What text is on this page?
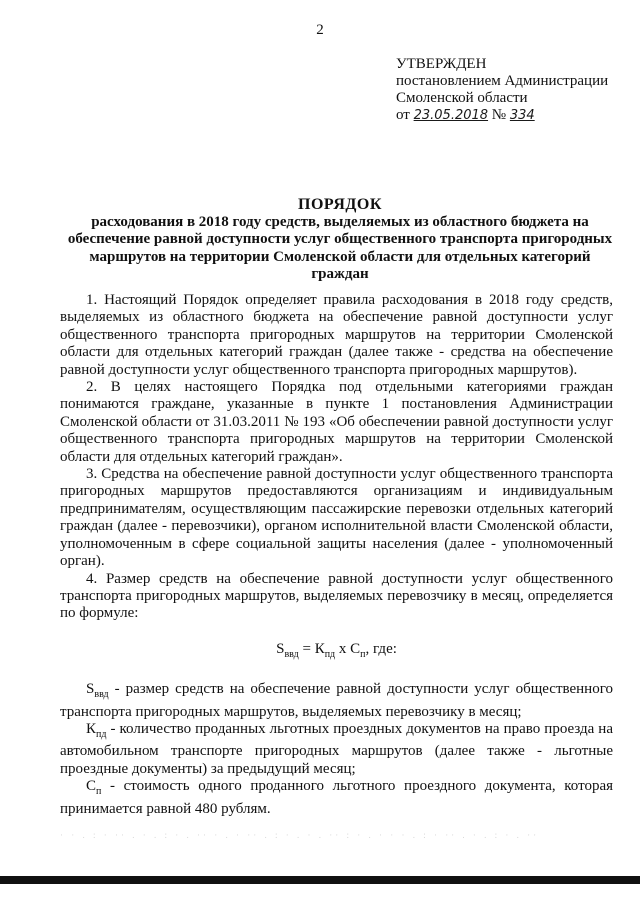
2
УТВЕРЖДЕН
постановлением Администрации
Смоленской области
от 23.05.2018 № 334
ПОРЯДОК
расходования в 2018 году средств, выделяемых из областного бюджета на обеспечение равной доступности услуг общественного транспорта пригородных маршрутов на территории Смоленской области для отдельных категорий граждан

1. Настоящий Порядок определяет правила расходования в 2018 году средств, выделяемых из областного бюджета на обеспечение равной доступности услуг общественного транспорта пригородных маршрутов на территории Смоленской области для отдельных категорий граждан (далее также - средства на обеспечение равной доступности услуг общественного транспорта пригородных маршрутов).

2. В целях настоящего Порядка под отдельными категориями граждан понимаются граждане, указанные в пункте 1 постановления Администрации Смоленской области от 31.03.2011 № 193 «Об обеспечении равной доступности услуг общественного транспорта пригородных маршрутов на территории Смоленской области для отдельных категорий граждан».

3. Средства на обеспечение равной доступности услуг общественного транспорта пригородных маршрутов предоставляются организациям и индивидуальным предпринимателям, осуществляющим пассажирские перевозки отдельных категорий граждан (далее - перевозчики), органом исполнительной власти Смоленской области, уполномоченным в сфере социальной защиты населения (далее - уполномоченный орган).

4. Размер средств на обеспечение равной доступности услуг общественного транспорта пригородных маршрутов, выделяемых перевозчику в месяц, определяется по формуле:

$S_{ввд} = К_{пд}$ x $С_п$, где:

$S_{ввд}$ - размер средств на обеспечение равной доступности услуг общественного транспорта пригородных маршрутов, выделяемых перевозчику в месяц;

$К_{пд}$ - количество проданных льготных проездных документов на право проезда на автомобильном транспорте пригородных маршрутов (далее также - льготные проездные документы) за предыдущий месяц;

$С_п$ - стоимость одного проданного льготного проездного документа, которая принимается равной 480 рублям.

· · . : · ·· . · . : · . ·· · . · ·· . : · . · . ·· : · . · · · . : · ·· . · . : · . ··
